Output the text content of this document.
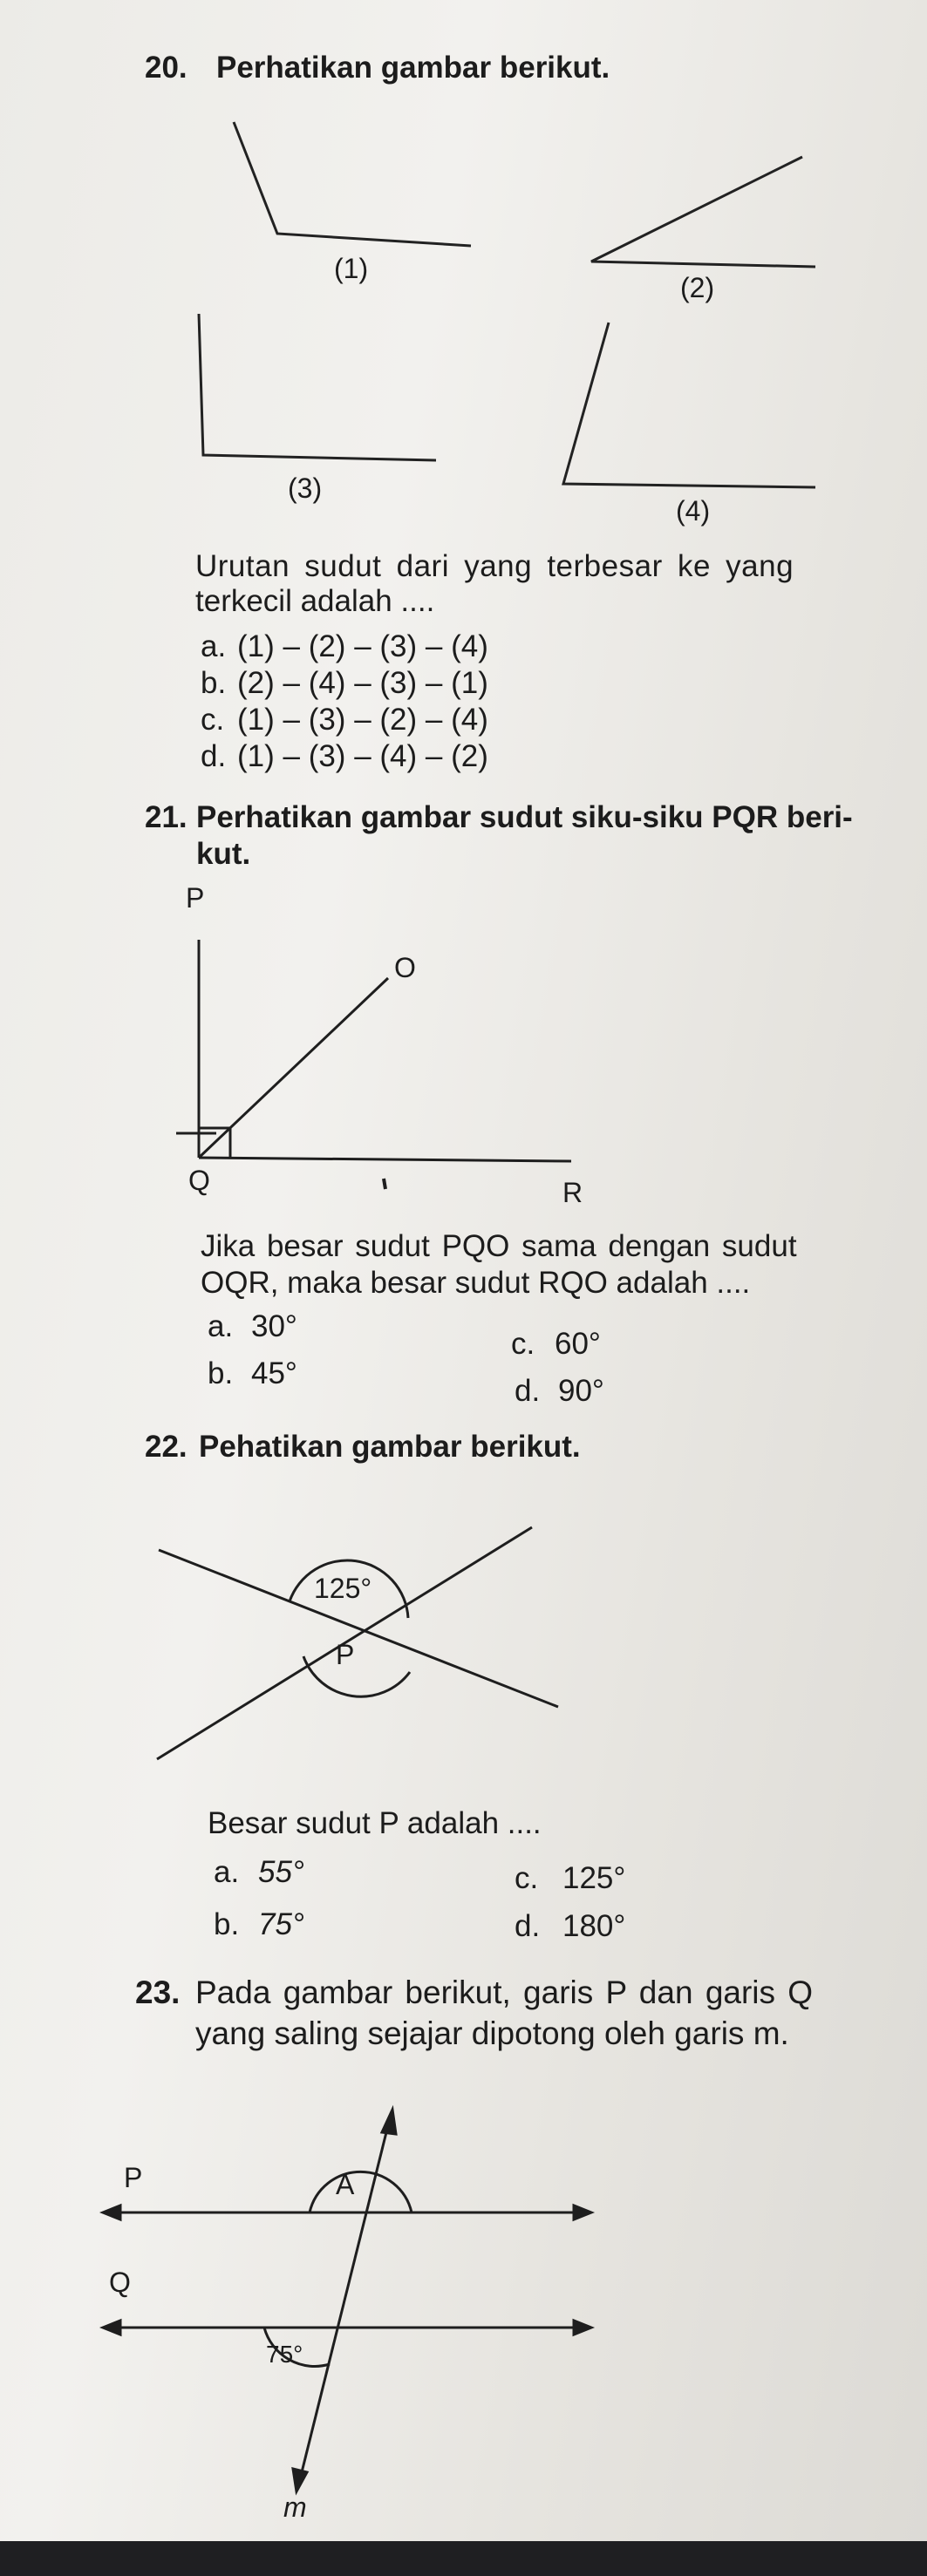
20. Perhatikan gambar berikut.
(1)
(2)
(3)
(4)
Urutan sudut dari yang terbesar ke yang
terkecil adalah ....
a. (1) – (2) – (3) – (4)
b. (2) – (4) – (3) – (1)
c. (1) – (3) – (2) – (4)
d. (1) – (3) – (4) – (2)
21. Perhatikan gambar sudut siku-siku PQR beri-
kut.
P
O
Q	R
Jika besar sudut PQO sama dengan sudut
OQR, maka besar sudut RQO adalah ....
a. 30°
b. 45°
c. 60°
d. 90°
22. Pehatikan gambar berikut.
125°
P
Besar sudut P adalah ....
a. 55°
b. 75°
c. 125°
d. 180°
23. Pada gambar berikut, garis P dan garis Q
yang saling sejajar dipotong oleh garis m.
P	A
Q
75°
m
